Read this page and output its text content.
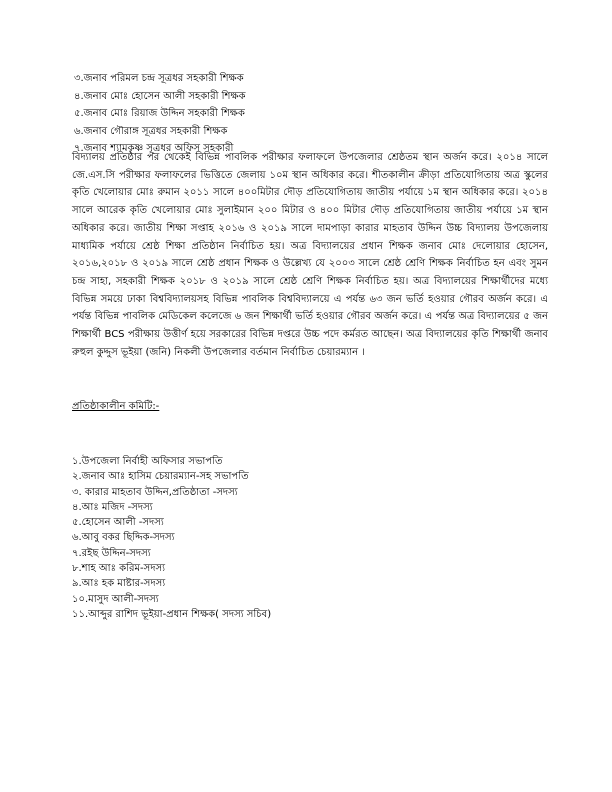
৩.জনাব পরিমল চন্দ্র সূত্রধর সহকারী শিক্ষক
৪.জনাব মোঃ হোসেন আলী সহকারী শিক্ষক
৫.জনাব মোঃ রিয়াজ উদ্দিন সহকারী শিক্ষক
৬.জনাব গৌরাঙ্গ সূত্রধর সহকারী শিক্ষক
৭.জনাব শ্যামকৃষ্ণ সূত্রধর অফিস সহকারী

বিদ্যালয় প্রতিষ্ঠার পর থেকেই বিভিন্ন পাবলিক পরীক্ষার ফলাফলে উপজেলার শ্রেষ্ঠতম স্থান অর্জন করে। ২০১৪ সালে জে.এস.সি পরীক্ষার ফলাফলের ভিত্তিতে জেলায় ১০ম স্থান অধিকার করে। শীতকালীন ক্রীড়া প্রতিযোগিতায় অত্র স্কুলের কৃতি খেলোয়ার মোঃ রুমান ২০১১ সালে ৪০০মিটার দৌড় প্রতিযোগিতায় জাতীয় পর্যায়ে ১ম স্থান অধিকার করে। ২০১৪ সালে আরেক কৃতি খেলোয়ার মোঃ সুলাইমান ২০০ মিটার ও ৪০০ মিটার দৌড় প্রতিযোগিতায় জাতীয় পর্যায়ে ১ম স্থান অধিকার করে। জাতীয় শিক্ষা সপ্তাহ ২০১৬ ও ২০১৯ সালে দামপাড়া কারার মাহতাব উদ্দিন উচ্চ বিদ্যালয় উপজেলায় মাধ্যমিক পর্যায়ে শ্রেষ্ঠ শিক্ষা প্রতিষ্ঠান নির্বাচিত হয়। অত্র বিদ্যালয়ের প্রধান শিক্ষক জনাব মোঃ দেলোয়ার হোসেন, ২০১৬,২০১৮ ও ২০১৯ সালে শ্রেষ্ঠ প্রধান শিক্ষক ও উল্লেখ্য যে ২০০৩ সালে শ্রেষ্ঠ শ্রেণি শিক্ষক নির্বাচিত হন এবং সুমন চন্দ্র সাহা, সহকারী শিক্ষক ২০১৮ ও ২০১৯ সালে শ্রেষ্ঠ শ্রেণি শিক্ষক নির্বাচিত হয়। অত্র বিদ্যালয়ের শিক্ষার্থীদের মধ্যে বিভিন্ন সময়ে ঢাকা বিশ্ববিদ্যালয়সহ বিভিন্ন পাবলিক বিশ্ববিদ্যালয়ে এ পর্যন্ত ৬৩ জন ভর্তি হওয়ার গৌরব অর্জন করে। এ পর্যন্ত বিভিন্ন পাবলিক মেডিকেল কলেজে ৬ জন শিক্ষার্থী ভর্তি হওয়ার গৌরব অর্জন করে। এ পর্যন্ত অত্র বিদ্যালয়ের ৫ জন শিক্ষার্থী BCS পরীক্ষায় উত্তীর্ণ হয়ে সরকারের বিভিন্ন দপ্তরে উচ্চ পদে কর্মরত আছেন। অত্র বিদ্যালয়ের কৃতি শিক্ষার্থী জনাব রুহুল কুদ্দুস ভূইয়া (জনি) নিকলী উপজেলার বর্তমান নির্বাচিত চেয়ারম্যান ।

প্রতিষ্ঠাকালীন কমিটি:-

১.উপজেলা নির্বাহী অফিসার সভাপতি
২.জনাব আঃ হাসিম চেয়ারম্যান-সহ সভাপতি
৩. কারার মাহতাব উদ্দিন,প্রতিষ্ঠাতা -সদস্য
৪.আঃ মজিদ -সদস্য
৫.হোসেন আলী -সদস্য
৬.আবু বকর ছিদ্দিক-সদস্য
৭.রইছ উদ্দিন-সদস্য
৮.শাহ আঃ করিম-সদস্য
৯.আঃ হক মাষ্টার-সদস্য
১০.মাসুদ আলী-সদস্য
১১.আব্দুর রাশিদ ভূইয়া-প্রধান শিক্ষক( সদস্য সচিব)
